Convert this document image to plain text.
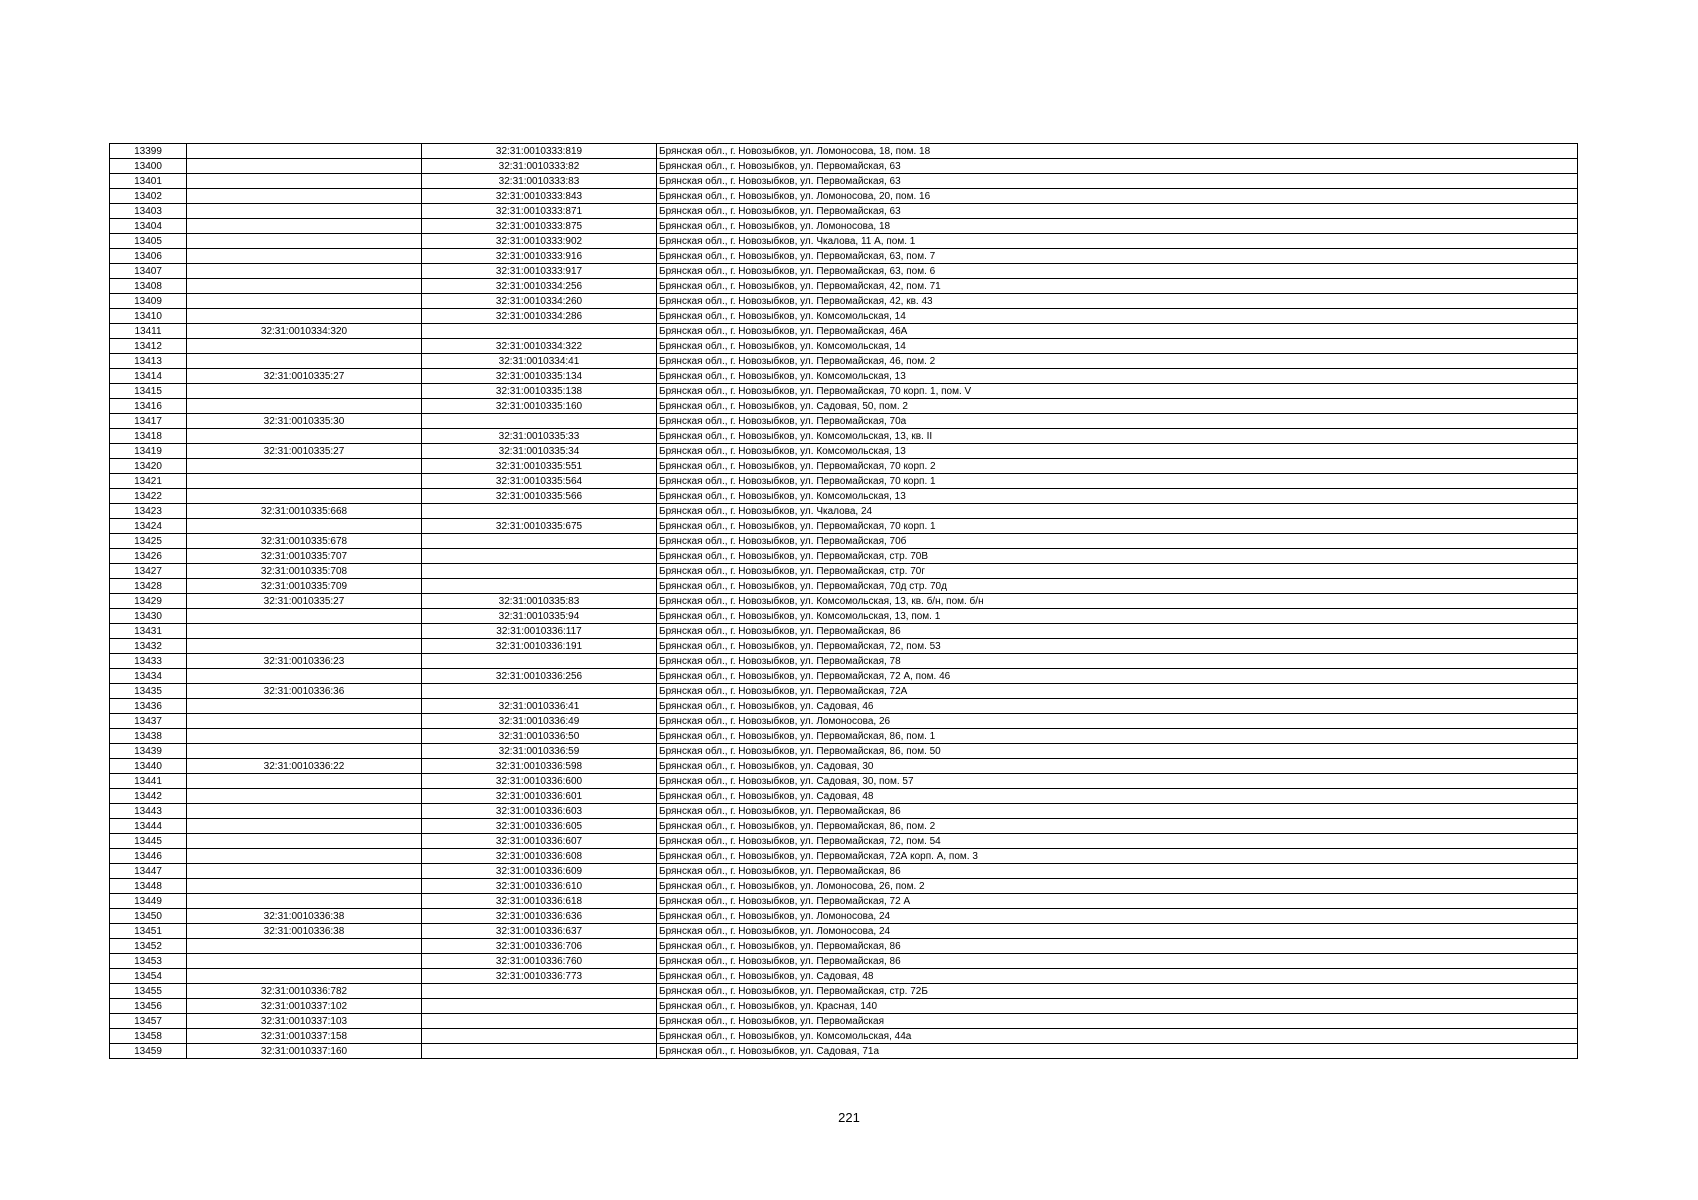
13399		32:31:0010333:819	Брянская обл., г. Новозыбков, ул. Ломоносова, 18, пом. 18
13400		32:31:0010333:82	Брянская обл., г. Новозыбков, ул. Первомайская, 63
13401		32:31:0010333:83	Брянская обл., г. Новозыбков, ул. Первомайская, 63
13402		32:31:0010333:843	Брянская обл., г. Новозыбков, ул. Ломоносова, 20, пом. 16
13403		32:31:0010333:871	Брянская обл., г. Новозыбков, ул. Первомайская, 63
13404		32:31:0010333:875	Брянская обл., г. Новозыбков, ул. Ломоносова, 18
13405		32:31:0010333:902	Брянская обл., г. Новозыбков, ул. Чкалова, 11 А, пом. 1
13406		32:31:0010333:916	Брянская обл., г. Новозыбков, ул. Первомайская, 63, пом. 7
13407		32:31:0010333:917	Брянская обл., г. Новозыбков, ул. Первомайская, 63, пом. 6
13408		32:31:0010334:256	Брянская обл., г. Новозыбков, ул. Первомайская, 42, пом. 71
13409		32:31:0010334:260	Брянская обл., г. Новозыбков, ул. Первомайская, 42, кв. 43
13410		32:31:0010334:286	Брянская обл., г. Новозыбков, ул. Комсомольская, 14
13411	32:31:0010334:320		Брянская обл., г. Новозыбков, ул. Первомайская, 46А
13412		32:31:0010334:322	Брянская обл., г. Новозыбков, ул. Комсомольская, 14
13413		32:31:0010334:41	Брянская обл., г. Новозыбков, ул. Первомайская, 46, пом. 2
13414	32:31:0010335:27	32:31:0010335:134	Брянская обл., г. Новозыбков, ул. Комсомольская, 13
13415		32:31:0010335:138	Брянская обл., г. Новозыбков, ул. Первомайская, 70 корп. 1, пом. V
13416		32:31:0010335:160	Брянская обл., г. Новозыбков, ул. Садовая, 50, пом. 2
13417	32:31:0010335:30		Брянская обл., г. Новозыбков, ул. Первомайская, 70а
13418		32:31:0010335:33	Брянская обл., г. Новозыбков, ул. Комсомольская, 13, кв. II
13419	32:31:0010335:27	32:31:0010335:34	Брянская обл., г. Новозыбков, ул. Комсомольская, 13
13420		32:31:0010335:551	Брянская обл., г. Новозыбков, ул. Первомайская, 70 корп. 2
13421		32:31:0010335:564	Брянская обл., г. Новозыбков, ул. Первомайская, 70 корп. 1
13422		32:31:0010335:566	Брянская обл., г. Новозыбков, ул. Комсомольская, 13
13423	32:31:0010335:668		Брянская обл., г. Новозыбков, ул. Чкалова, 24
13424		32:31:0010335:675	Брянская обл., г. Новозыбков, ул. Первомайская, 70 корп. 1
13425	32:31:0010335:678		Брянская обл., г. Новозыбков, ул. Первомайская, 70б
13426	32:31:0010335:707		Брянская обл., г. Новозыбков, ул. Первомайская, стр. 70В
13427	32:31:0010335:708		Брянская обл., г. Новозыбков, ул. Первомайская, стр. 70г
13428	32:31:0010335:709		Брянская обл., г. Новозыбков, ул. Первомайская, 70д стр. 70д
13429	32:31:0010335:27	32:31:0010335:83	Брянская обл., г. Новозыбков, ул. Комсомольская, 13, кв. б/н, пом. б/н
13430		32:31:0010335:94	Брянская обл., г. Новозыбков, ул. Комсомольская, 13, пом. 1
13431		32:31:0010336:117	Брянская обл., г. Новозыбков, ул. Первомайская, 86
13432		32:31:0010336:191	Брянская обл., г. Новозыбков, ул. Первомайская, 72, пом. 53
13433	32:31:0010336:23		Брянская обл., г. Новозыбков, ул. Первомайская, 78
13434		32:31:0010336:256	Брянская обл., г. Новозыбков, ул. Первомайская, 72 А, пом. 46
13435	32:31:0010336:36		Брянская обл., г. Новозыбков, ул. Первомайская, 72А
13436		32:31:0010336:41	Брянская обл., г. Новозыбков, ул. Садовая, 46
13437		32:31:0010336:49	Брянская обл., г. Новозыбков, ул. Ломоносова, 26
13438		32:31:0010336:50	Брянская обл., г. Новозыбков, ул. Первомайская, 86, пом. 1
13439		32:31:0010336:59	Брянская обл., г. Новозыбков, ул. Первомайская, 86, пом. 50
13440	32:31:0010336:22	32:31:0010336:598	Брянская обл., г. Новозыбков, ул. Садовая, 30
13441		32:31:0010336:600	Брянская обл., г. Новозыбков, ул. Садовая, 30, пом. 57
13442		32:31:0010336:601	Брянская обл., г. Новозыбков, ул. Садовая, 48
13443		32:31:0010336:603	Брянская обл., г. Новозыбков, ул. Первомайская, 86
13444		32:31:0010336:605	Брянская обл., г. Новозыбков, ул. Первомайская, 86, пом. 2
13445		32:31:0010336:607	Брянская обл., г. Новозыбков, ул. Первомайская, 72, пом. 54
13446		32:31:0010336:608	Брянская обл., г. Новозыбков, ул. Первомайская, 72А корп. А, пом. 3
13447		32:31:0010336:609	Брянская обл., г. Новозыбков, ул. Первомайская, 86
13448		32:31:0010336:610	Брянская обл., г. Новозыбков, ул. Ломоносова, 26, пом. 2
13449		32:31:0010336:618	Брянская обл., г. Новозыбков, ул. Первомайская, 72 А
13450	32:31:0010336:38	32:31:0010336:636	Брянская обл., г. Новозыбков, ул. Ломоносова, 24
13451	32:31:0010336:38	32:31:0010336:637	Брянская обл., г. Новозыбков, ул. Ломоносова, 24
13452		32:31:0010336:706	Брянская обл., г. Новозыбков, ул. Первомайская, 86
13453		32:31:0010336:760	Брянская обл., г. Новозыбков, ул. Первомайская, 86
13454		32:31:0010336:773	Брянская обл., г. Новозыбков, ул. Садовая, 48
13455	32:31:0010336:782		Брянская обл., г. Новозыбков, ул. Первомайская, стр. 72Б
13456	32:31:0010337:102		Брянская обл., г. Новозыбков, ул. Красная, 140
13457	32:31:0010337:103		Брянская обл., г. Новозыбков, ул. Первомайская
13458	32:31:0010337:158		Брянская обл., г. Новозыбков, ул. Комсомольская, 44а
13459	32:31:0010337:160		Брянская обл., г. Новозыбков, ул. Садовая, 71а
221
